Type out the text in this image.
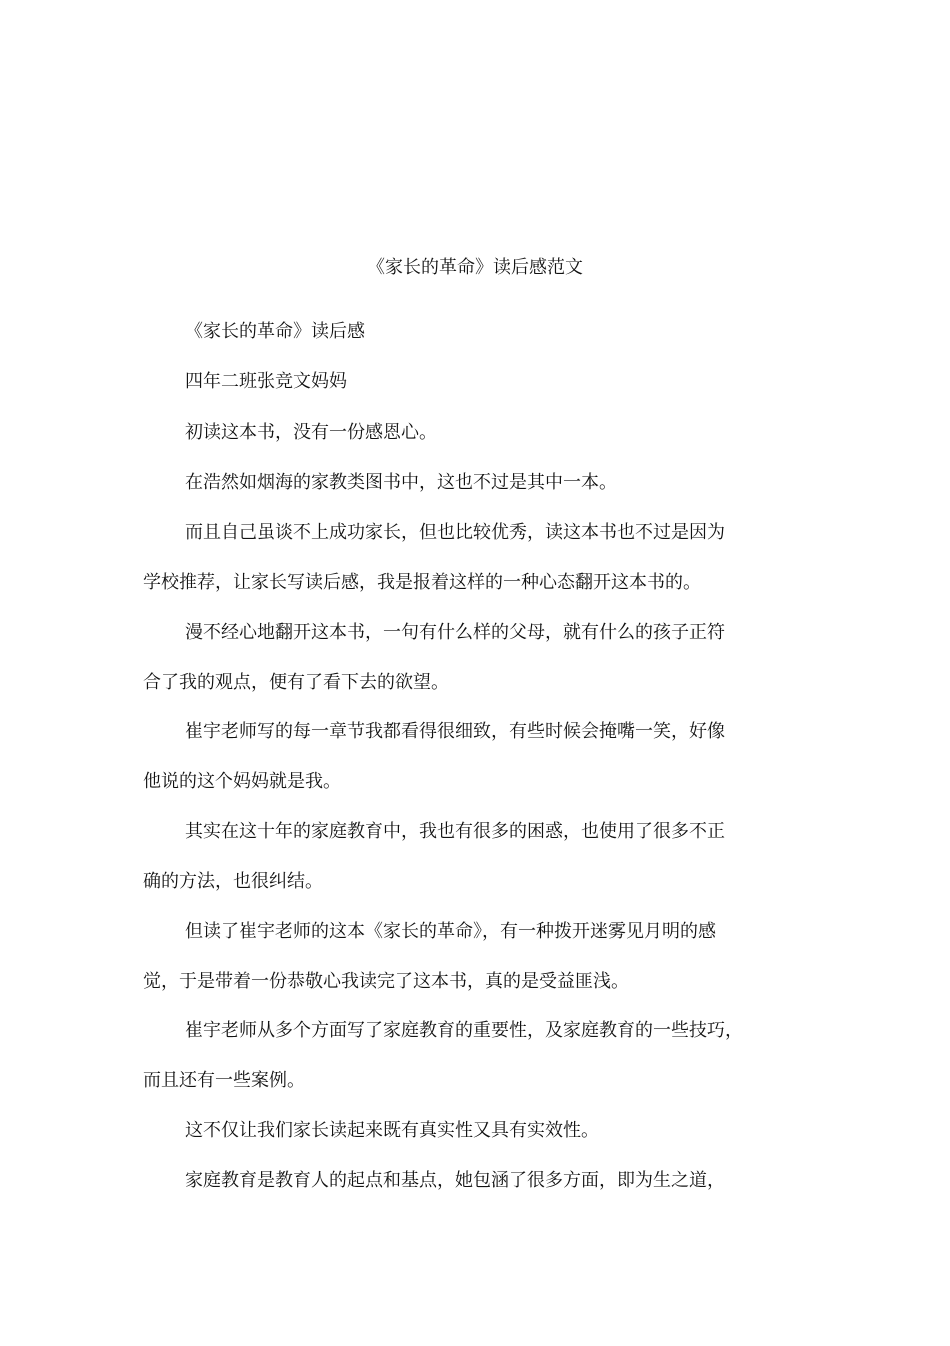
《家长的革命》读后感范文
《家长的革命》读后感
四年二班张竞文妈妈
初读这本书，没有一份感恩心。
在浩然如烟海的家教类图书中，这也不过是其中一本。
而且自己虽谈不上成功家长，但也比较优秀，读这本书也不过是因为
学校推荐，让家长写读后感，我是报着这样的一种心态翻开这本书的。
漫不经心地翻开这本书，一句有什么样的父母，就有什么的孩子正符
合了我的观点，便有了看下去的欲望。
崔宇老师写的每一章节我都看得很细致，有些时候会掩嘴一笑，好像
他说的这个妈妈就是我。
其实在这十年的家庭教育中，我也有很多的困惑，也使用了很多不正
确的方法，也很纠结。
但读了崔宇老师的这本《家长的革命》，有一种拨开迷雾见月明的感
觉，于是带着一份恭敬心我读完了这本书，真的是受益匪浅。
崔宇老师从多个方面写了家庭教育的重要性，及家庭教育的一些技巧，
而且还有一些案例。
这不仅让我们家长读起来既有真实性又具有实效性。
家庭教育是教育人的起点和基点，她包涵了很多方面，即为生之道，
